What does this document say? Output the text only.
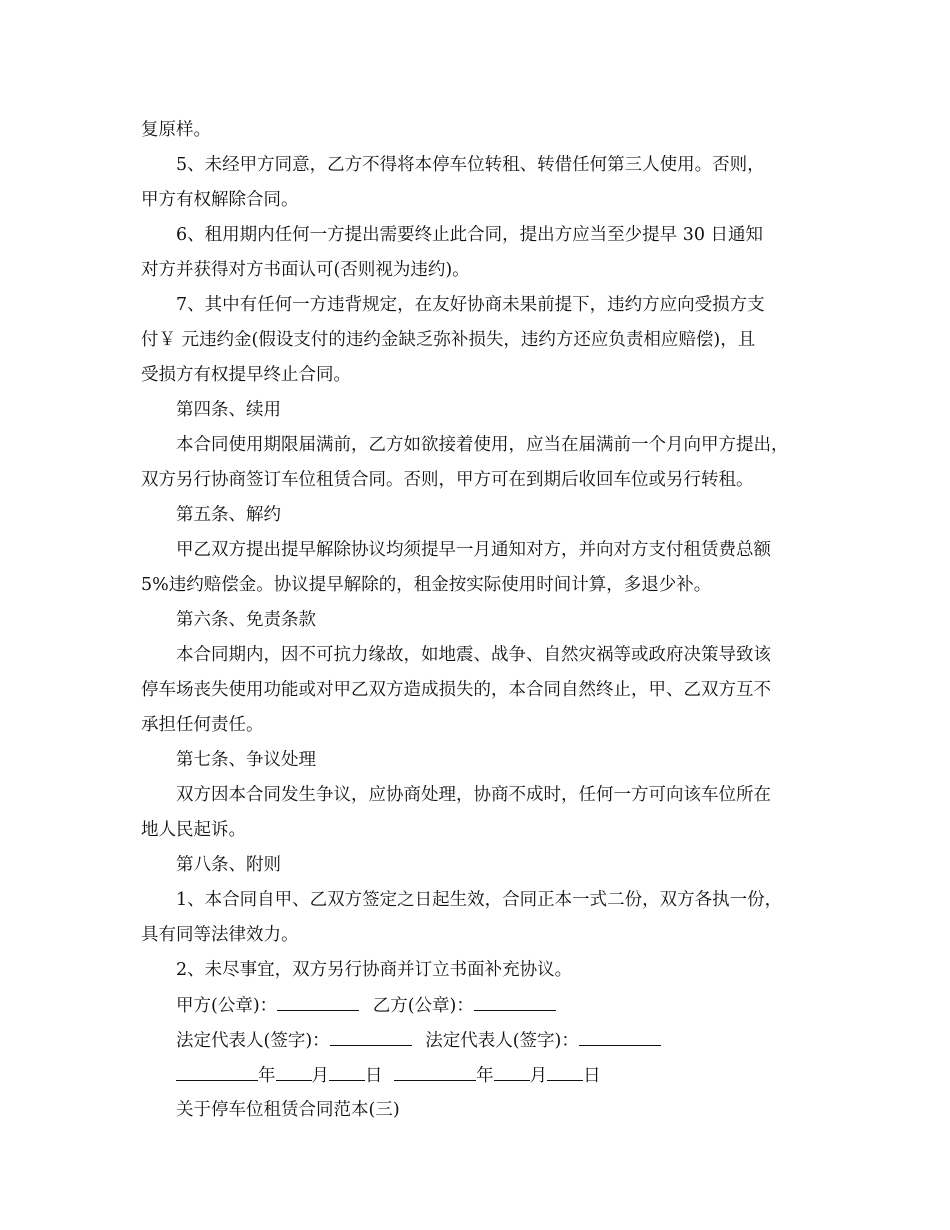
复原样。
5、未经甲方同意，乙方不得将本停车位转租、转借任何第三人使用。否则，
甲方有权解除合同。
6、租用期内任何一方提出需要终止此合同，提出方应当至少提早 30 日通知
对方并获得对方书面认可(否则视为违约)。
7、其中有任何一方违背规定，在友好协商未果前提下，违约方应向受损方支
付￥ 元违约金(假设支付的违约金缺乏弥补损失，违约方还应负责相应赔偿)，且
受损方有权提早终止合同。
第四条、续用
本合同使用期限届满前，乙方如欲接着使用，应当在届满前一个月向甲方提出，
双方另行协商签订车位租赁合同。否则，甲方可在到期后收回车位或另行转租。
第五条、解约
甲乙双方提出提早解除协议均须提早一月通知对方，并向对方支付租赁费总额
5%违约赔偿金。协议提早解除的，租金按实际使用时间计算，多退少补。
第六条、免责条款
本合同期内，因不可抗力缘故，如地震、战争、自然灾祸等或政府决策导致该
停车场丧失使用功能或对甲乙双方造成损失的，本合同自然终止，甲、乙双方互不
承担任何责任。
第七条、争议处理
双方因本合同发生争议，应协商处理，协商不成时，任何一方可向该车位所在
地人民起诉。
第八条、附则
1、本合同自甲、乙双方签定之日起生效，合同正本一式二份，双方各执一份，
具有同等法律效力。
2、未尽事宜，双方另行协商并订立书面补充协议。
甲方(公章)：	乙方(公章)：
法定代表人(签字)：	法定代表人(签字)：
年 月 日	年 月 日
关于停车位租赁合同范本(三)
